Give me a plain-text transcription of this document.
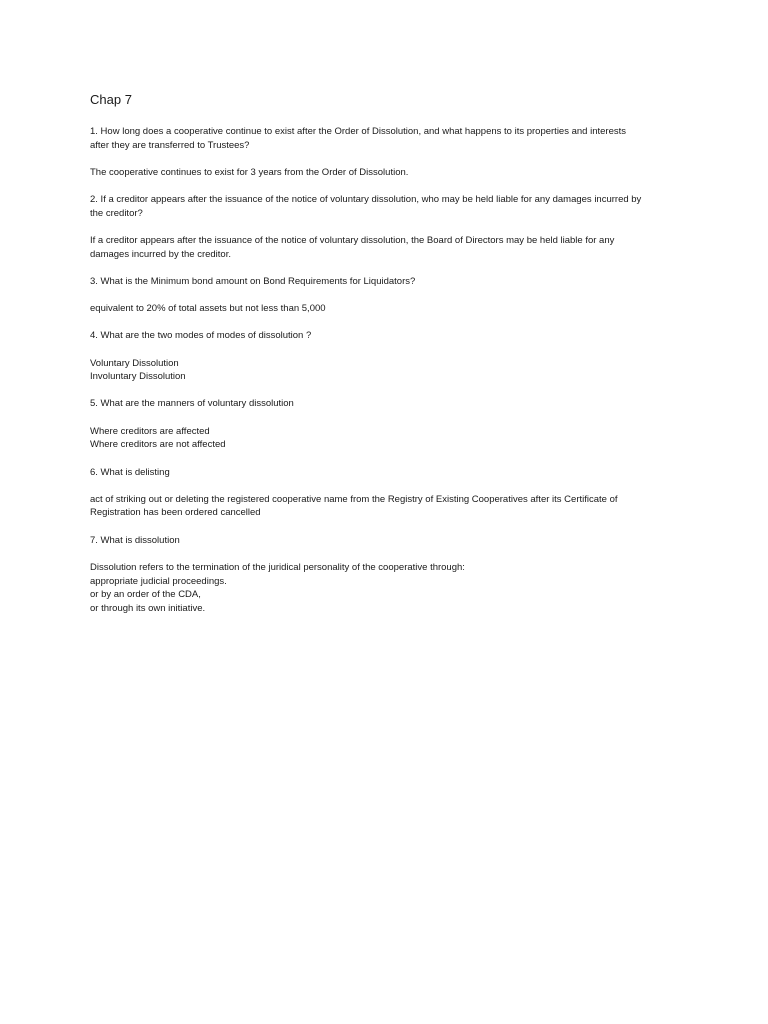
Chap 7
1. How long does a cooperative continue to exist after the Order of Dissolution, and what happens to its properties and interests
after they are transferred to Trustees?
The cooperative continues to exist for 3 years from the Order of Dissolution.
2. If a creditor appears after the issuance of the notice of voluntary dissolution, who may be held liable for any damages incurred by
the creditor?
If a creditor appears after the issuance of the notice of voluntary dissolution, the Board of Directors may be held liable for any
damages incurred by the creditor.
3. What is the Minimum bond amount on Bond Requirements for Liquidators?
equivalent to 20% of total assets but not less than 5,000
4. What are the two modes of modes of dissolution ?
Voluntary Dissolution
Involuntary Dissolution
5. What are the manners of voluntary dissolution
Where creditors are affected
Where creditors are not affected
6. What is delisting
act of striking out or deleting the registered cooperative name from the Registry of Existing Cooperatives after its Certificate of
Registration has been ordered cancelled
7. What is dissolution
Dissolution refers to the termination of the juridical personality of the cooperative through:
appropriate judicial proceedings.
or by an order of the CDA,
or through its own initiative.
